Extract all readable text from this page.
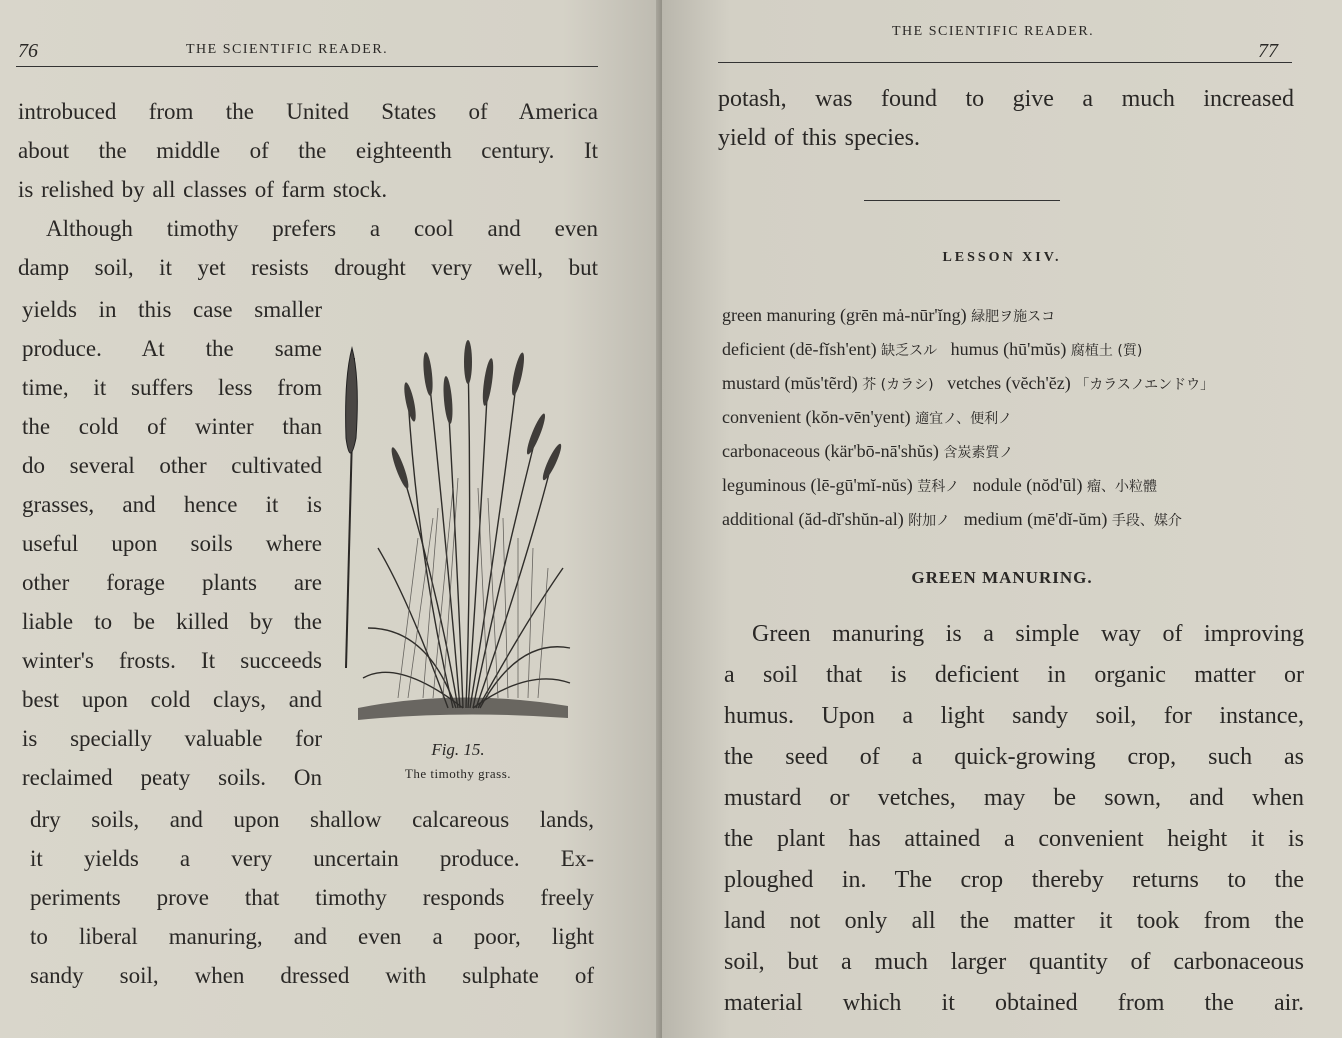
76	THE SCIENTIFIC READER.
introbuced from the United States of America
about the middle of the eighteenth century. It
is relished by all classes of farm stock.
Although timothy prefers a cool and even
damp soil, it yet resists drought very well, but
yields in this case smaller
produce. At the same
time, it suffers less from
the cold of winter than
do several other cultivated
grasses, and hence it is
useful upon soils where
other forage plants are
liable to be killed by the
winter's frosts. It succeeds
best upon cold clays, and
is specially valuable for
reclaimed peaty soils. On
Fig. 15.
The timothy grass.
dry soils, and upon shallow calcareous lands,
it yields a very uncertain produce. Ex-
periments prove that timothy responds freely
to liberal manuring, and even a poor, light
sandy soil, when dressed with sulphate of
THE SCIENTIFIC READER.
77
potash, was found to give a much increased
yield of this species.
LESSON XIV.
green manuring (grēn mȧ-nūr'ĭng) 緑肥ヲ施スコ
deficient (dē-fĭsh'ent) 缺乏スル humus (hū'mŭs) 腐植土 (質)
mustard (mŭs'tẽrd) 芥 (カラシ) vetches (vĕch'ĕz) 「カラスノエンドウ」
convenient (kŏn-vēn'yent) 適宜ノ、便利ノ
carbonaceous (kär'bō-nā'shŭs) 含炭素質ノ
leguminous (lē-gū'mĭ-nŭs) 荳科ノ nodule (nŏd'ūl) 瘤、小粒體
additional (ăd-dĭ'shŭn-al) 附加ノ medium (mē'dĭ-ŭm) 手段、媒介
GREEN MANURING.
Green manuring is a simple way of improving
a soil that is deficient in organic matter or
humus. Upon a light sandy soil, for instance,
the seed of a quick-growing crop, such as
mustard or vetches, may be sown, and when
the plant has attained a convenient height it is
ploughed in. The crop thereby returns to the
land not only all the matter it took from the
soil, but a much larger quantity of carbonaceous
material which it obtained from the air.
